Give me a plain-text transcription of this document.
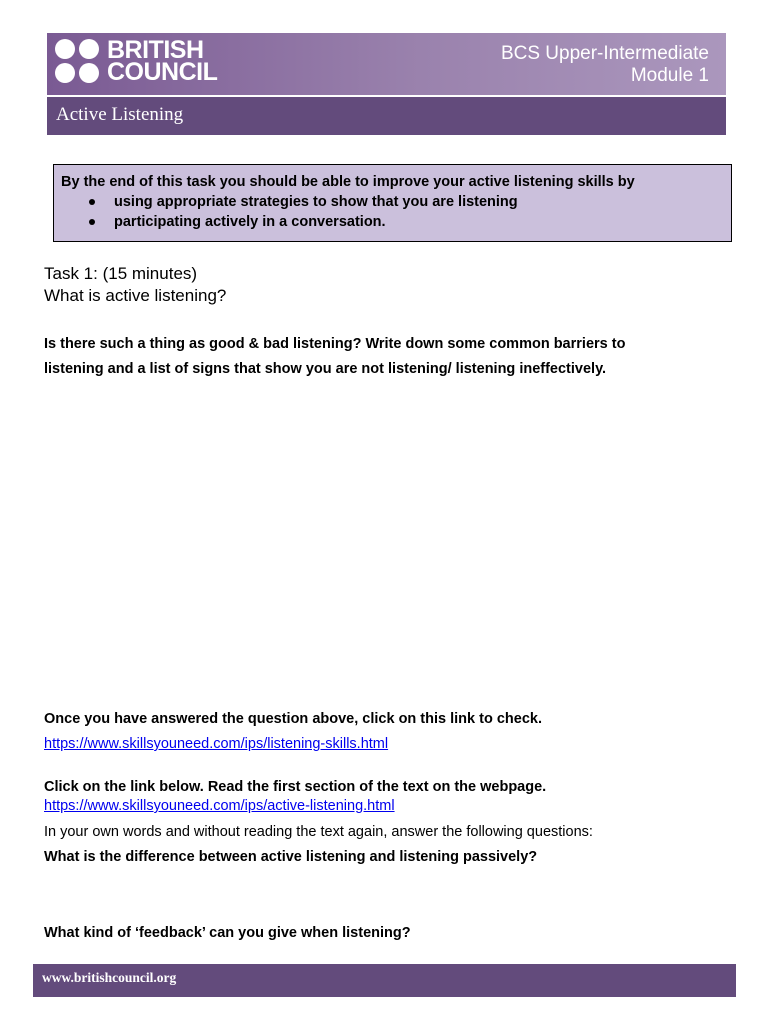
BRITISH
COUNCIL
BCS Upper-Intermediate
Module 1
Active Listening
By the end of this task you should be able to improve your active listening skills by
using appropriate strategies to show that you are listening
participating actively in a conversation.
Task 1: (15 minutes)
What is active listening?
Is there such a thing as good & bad listening? Write down some common barriers to
listening and a list of signs that show you are not listening/ listening ineffectively.
Once you have answered the question above, click on this link to check.
https://www.skillsyouneed.com/ips/listening-skills.html
Click on the link below. Read the first section of the text on the webpage.
https://www.skillsyouneed.com/ips/active-listening.html
In your own words and without reading the text again, answer the following questions:
What is the difference between active listening and listening passively?
What kind of ‘feedback’ can you give when listening?
www.britishcouncil.org
